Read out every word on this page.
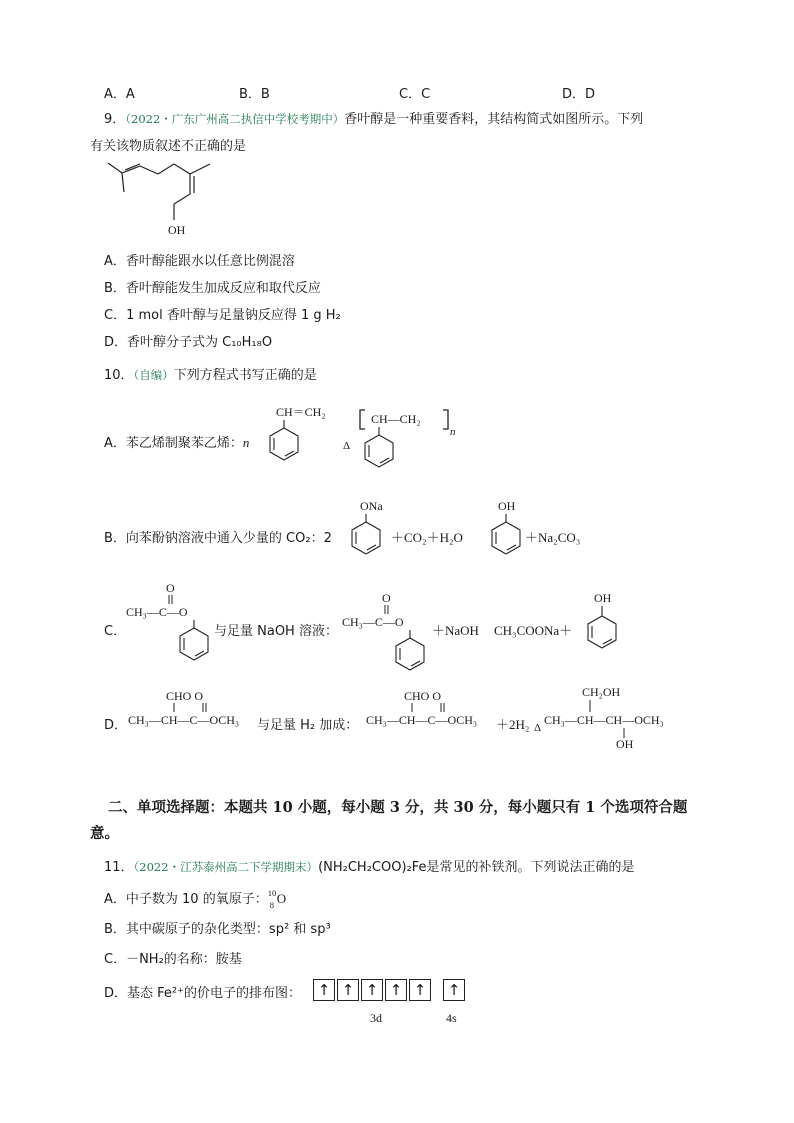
A．A	B．B	C．C	D．D
9．（2022・广东广州高二执信中学校考期中）香叶醇是一种重要香料，其结构简式如图所示。下列
有关该物质叙述不正确的是
OH
A．香叶醇能跟水以任意比例混溶
B．香叶醇能发生加成反应和取代反应
C．1 mol 香叶醇与足量钠反应得 1 g H₂
D．香叶醇分子式为 C₁₀H₁₈O
10．（自编）下列方程式书写正确的是
A．苯乙烯制聚苯乙烯：n
CH＝CH₂
Δ
CH—CH₂
n
B．向苯酚钠溶液中通入少量的 CO₂：2
ONa
＋CO₂＋H₂O
OH
＋Na₂CO₃
C．
O
CH₃—C—O
与足量 NaOH 溶液：
O
CH₃—C—O
＋NaOH CH₃COONa＋
OH
D．
CHO O
CH₃—CH—C—OCH₃ 与足量 H₂ 加成：
CHO O
CH₃—CH—C—OCH₃ ＋2H₂ Δ
CH₂OH
CH₃—CH—CH—OCH₃
OH
二、单项选择题：本题共 10 小题，每小题 3 分，共 30 分，每小题只有 1 个选项符合题
意。
11．（2022・江苏泰州高二下学期期末）(NH₂CH₂COO)₂Fe是常见的补铁剂。下列说法正确的是
A．中子数为 10 的氧原子： 10
8 O
B．其中碳原子的杂化类型：sp² 和 sp³
C．－NH₂的名称：胺基
D．基态 Fe²⁺的价电子的排布图：	↑ ↑ ↑ ↑ ↑	↑
3d	4s
